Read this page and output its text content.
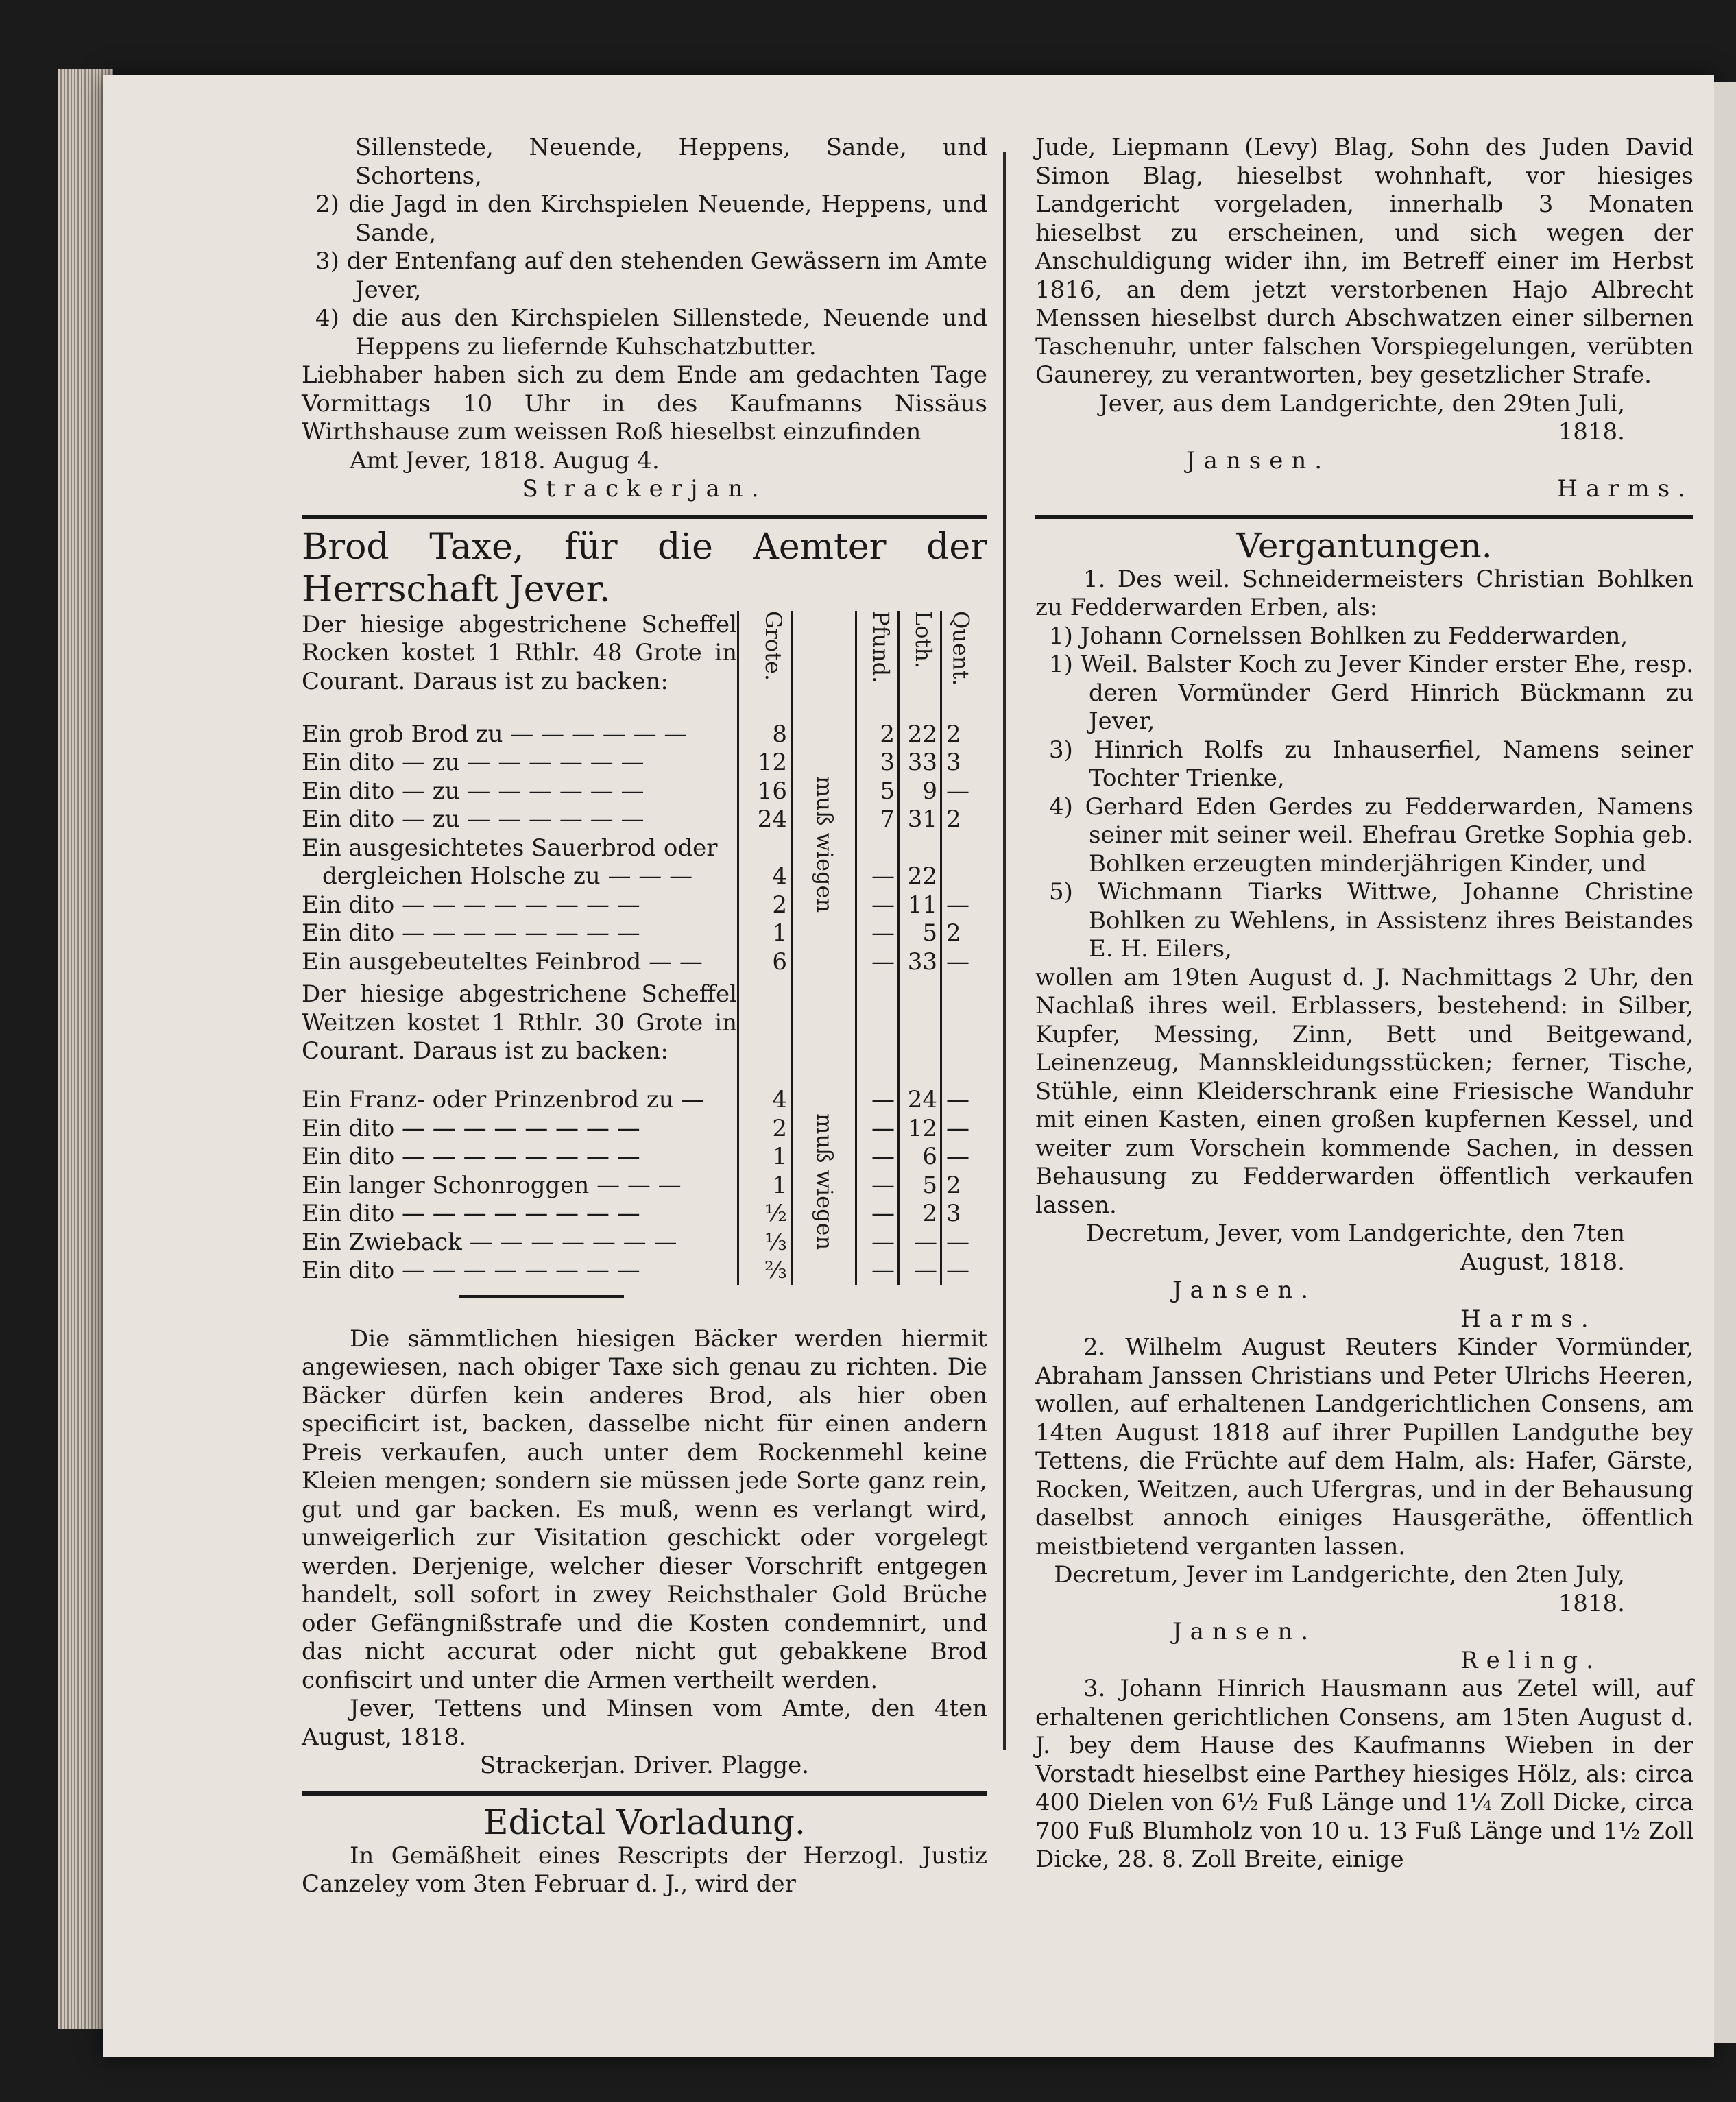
Sillenstede, Neuende, Heppens, Sande, und Schortens,

2) die Jagd in den Kirchspielen Neuende, Heppens, und Sande,

3) der Entenfang auf den stehenden Gewässern im Amte Jever,

4) die aus den Kirchspielen Sillenstede, Neuende und Heppens zu liefernde Kuhschatzbutter.

Liebhaber haben sich zu dem Ende am gedachten Tage Vormittags 10 Uhr in des Kaufmanns Nissäus Wirthshause zum weissen Roß hieselbst einzufinden

Amt Jever, 1818. Augug 4.

Strackerjan.

Brod Taxe, für die Aemter der Herrschaft Jever.

Der hiesige abgestrichene Scheffel Rocken kostet 1 Rthlr. 48 Grote in Courant. Daraus ist zu backen:	Grote.		Pfund.	Loth.	Quent.
Ein grob Brod zu — — — — — —	8	muß wiegen	2	22	2
Ein dito — zu — — — — — —	12		3	33	3
Ein dito — zu — — — — — —	16		5	9	—
Ein dito — zu — — — — — —	24		7	31	2
Ein ausgesichtetes Sauerbrod oder					
dergleichen Holsche zu — — —	4		—	22	
Ein dito — — — — — — — —	2		—	11	—
Ein dito — — — — — — — —	1		—	5	2
Ein ausgebeuteltes Feinbrod — —	6		—	33	—
Der hiesige abgestrichene Scheffel Weitzen kostet 1 Rthlr. 30 Grote in Courant. Daraus ist zu backen:					
Ein Franz- oder Prinzenbrod zu —	4	muß wiegen	—	24	—
Ein dito — — — — — — — —	2		—	12	—
Ein dito — — — — — — — —	1		—	6	—
Ein langer Schonroggen — — —	1		—	5	2
Ein dito — — — — — — — —	½		—	2	3
Ein Zwieback — — — — — — —	⅓		—	—	—
Ein dito — — — — — — — —	⅔		—	—	—

Die sämmtlichen hiesigen Bäcker werden hiermit angewiesen, nach obiger Taxe sich genau zu richten. Die Bäcker dürfen kein anderes Brod, als hier oben specificirt ist, backen, dasselbe nicht für einen andern Preis verkaufen, auch unter dem Rockenmehl keine Kleien mengen; sondern sie müssen jede Sorte ganz rein, gut und gar backen. Es muß, wenn es verlangt wird, unweigerlich zur Visitation geschickt oder vorgelegt werden. Derjenige, welcher dieser Vorschrift entgegen handelt, soll sofort in zwey Reichsthaler Gold Brüche oder Gefängnißstrafe und die Kosten condemnirt, und das nicht accurat oder nicht gut gebakkene Brod confiscirt und unter die Armen vertheilt werden.

Jever, Tettens und Minsen vom Amte, den 4ten August, 1818.

Strackerjan. Driver. Plagge.

Edictal Vorladung.

In Gemäßheit eines Rescripts der Herzogl. Justiz Canzeley vom 3ten Februar d. J., wird der

Jude, Liepmann (Levy) Blag, Sohn des Juden David Simon Blag, hieselbst wohnhaft, vor hiesiges Landgericht vorgeladen, innerhalb 3 Monaten hieselbst zu erscheinen, und sich wegen der Anschuldigung wider ihn, im Betreff einer im Herbst 1816, an dem jetzt verstorbenen Hajo Albrecht Menssen hieselbst durch Abschwatzen einer silbernen Taschenuhr, unter falschen Vorspiegelungen, verübten Gaunerey, zu verantworten, bey gesetzlicher Strafe.

Jever, aus dem Landgerichte, den 29ten Juli, 1818.

Jansen.

Harms.

Vergantungen.

1. Des weil. Schneidermeisters Christian Bohlken zu Fedderwarden Erben, als:

1) Johann Cornelssen Bohlken zu Fedderwarden,

1) Weil. Balster Koch zu Jever Kinder erster Ehe, resp. deren Vormünder Gerd Hinrich Bückmann zu Jever,

3) Hinrich Rolfs zu Inhauserfiel, Namens seiner Tochter Trienke,

4) Gerhard Eden Gerdes zu Fedderwarden, Namens seiner mit seiner weil. Ehefrau Gretke Sophia geb. Bohlken erzeugten minderjährigen Kinder, und

5) Wichmann Tiarks Wittwe, Johanne Christine Bohlken zu Wehlens, in Assistenz ihres Beistandes E. H. Eilers,

wollen am 19ten August d. J. Nachmittags 2 Uhr, den Nachlaß ihres weil. Erblassers, bestehend: in Silber, Kupfer, Messing, Zinn, Bett und Beitgewand, Leinenzeug, Mannskleidungsstücken; ferner, Tische, Stühle, einn Kleiderschrank eine Friesische Wanduhr mit einen Kasten, einen großen kupfernen Kessel, und weiter zum Vorschein kommende Sachen, in dessen Behausung zu Fedderwarden öffentlich verkaufen lassen.

Decretum, Jever, vom Landgerichte, den 7ten August, 1818.

Jansen.

Harms.

2. Wilhelm August Reuters Kinder Vormünder, Abraham Janssen Christians und Peter Ulrichs Heeren, wollen, auf erhaltenen Landgerichtlichen Consens, am 14ten August 1818 auf ihrer Pupillen Landguthe bey Tettens, die Früchte auf dem Halm, als: Hafer, Gärste, Rocken, Weitzen, auch Ufergras, und in der Behausung daselbst annoch einiges Hausgeräthe, öffentlich meistbietend verganten lassen.

Decretum, Jever im Landgerichte, den 2ten July, 1818.

Jansen.

Reling.

3. Johann Hinrich Hausmann aus Zetel will, auf erhaltenen gerichtlichen Consens, am 15ten August d. J. bey dem Hause des Kaufmanns Wieben in der Vorstadt hieselbst eine Parthey hiesiges Hölz, als: circa 400 Dielen von 6½ Fuß Länge und 1¼ Zoll Dicke, circa 700 Fuß Blumholz von 10 u. 13 Fuß Länge und 1½ Zoll Dicke, 28. 8. Zoll Breite, einige
